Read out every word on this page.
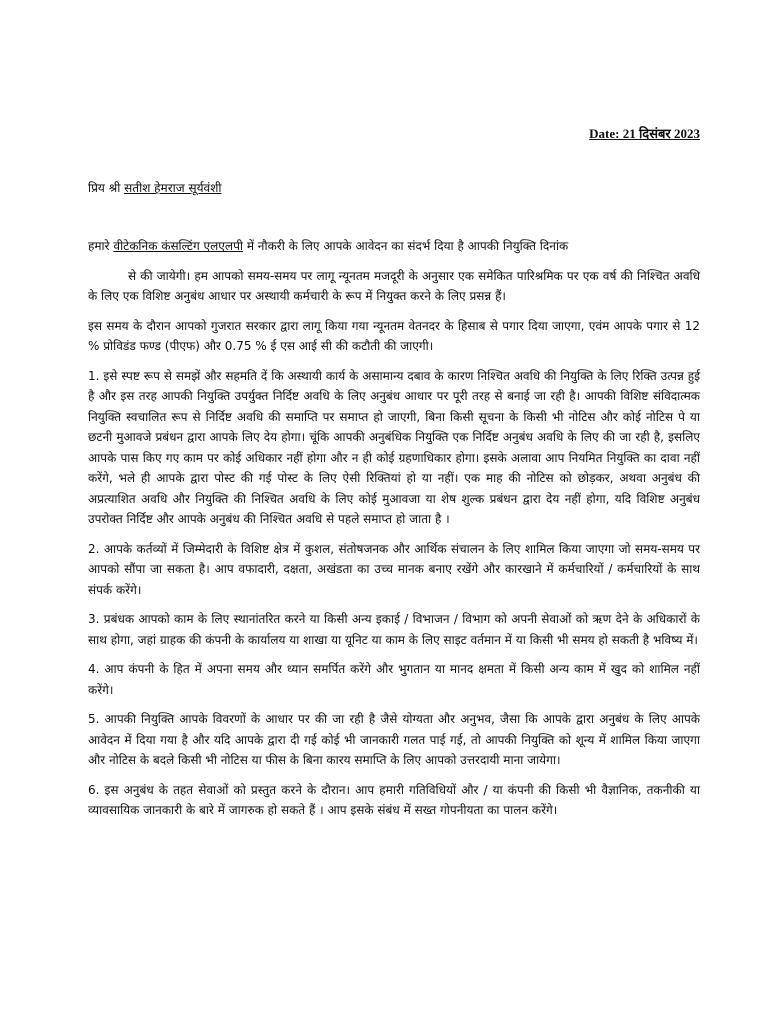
Date: 21 दिसंबर 2023
प्रिय श्री सतीश हेमराज सूर्यवंशी

हमारे वीटेकनिक कंसल्टिंग एलएलपी में नौकरी के लिए आपके आवेदन का संदर्भ दिया है आपकी नियुक्ति दिनांक

से की जायेगी। हम आपको समय-समय पर लागू न्यूनतम मजदूरी के अनुसार एक समेकित पारिश्रमिक पर एक वर्ष की निश्चित अवधि के लिए एक विशिष्ट अनुबंध आधार पर अस्थायी कर्मचारी के रूप में नियुक्त करने के लिए प्रसन्न हैं।

इस समय के दौरान आपको गुजरात सरकार द्वारा लागू किया गया न्यूनतम वेतनदर के हिसाब से पगार दिया जाएगा, एवंम आपके पगार से 12 % प्रोविडंड फण्ड (पीएफ) और 0.75 % ई एस आई सी की कटौती की जाएगी।

1. इसे स्पष्ट रूप से समझें और सहमति दें कि अस्थायी कार्य के असामान्य दबाव के कारण निश्चित अवधि की नियुक्ति के लिए रिक्ति उत्पन्न हुई है और इस तरह आपकी नियुक्ति उपर्युक्त निर्दिष्ट अवधि के लिए अनुबंध आधार पर पूरी तरह से बनाई जा रही है। आपकी विशिष्ट संविदात्मक नियुक्ति स्वचालित रूप से निर्दिष्ट अवधि की समाप्ति पर समाप्त हो जाएगी, बिना किसी सूचना के किसी भी नोटिस और कोई नोटिस पे या छटनी मुआवजे प्रबंधन द्वारा आपके लिए देय होगा। चूंकि आपकी अनुबंधिक नियुक्ति एक निर्दिष्ट अनुबंध अवधि के लिए की जा रही है, इसलिए आपके पास किए गए काम पर कोई अधिकार नहीं होगा और न ही कोई ग्रहणाधिकार होगा। इसके अलावा आप नियमित नियुक्ति का दावा नहीं करेंगे, भले ही आपके द्वारा पोस्ट की गई पोस्ट के लिए ऐसी रिक्तियां हो या नहीं। एक माह की नोटिस को छोड़कर, अथवा अनुबंध की अप्रत्याशित अवधि और नियुक्ति की निश्चित अवधि के लिए कोई मुआवजा या शेष शुल्क प्रबंधन द्वारा देय नहीं होगा, यदि विशिष्ट अनुबंध उपरोक्त निर्दिष्ट और आपके अनुबंध की निश्चित अवधि से पहले समाप्त हो जाता है ।

2. आपके कर्तव्यों में जिम्मेदारी के विशिष्ट क्षेत्र में कुशल, संतोषजनक और आर्थिक संचालन के लिए शामिल किया जाएगा जो समय-समय पर आपको सौंपा जा सकता है। आप वफादारी, दक्षता, अखंडता का उच्च मानक बनाए रखेंगे और कारखाने में कर्मचारियों / कर्मचारियों के साथ संपर्क करेंगे।

3. प्रबंधक आपको काम के लिए स्थानांतरित करने या किसी अन्य इकाई / विभाजन / विभाग को अपनी सेवाओं को ऋण देने के अधिकारों के साथ होगा, जहां ग्राहक की कंपनी के कार्यालय या शाखा या यूनिट या काम के लिए साइट वर्तमान में या किसी भी समय हो सकती है भविष्य में।

4. आप कंपनी के हित में अपना समय और ध्यान समर्पित करेंगे और भुगतान या मानद क्षमता में किसी अन्य काम में खुद को शामिल नहीं करेंगे।

5. आपकी नियुक्ति आपके विवरणों के आधार पर की जा रही है जैसे योग्यता और अनुभव, जैसा कि आपके द्वारा अनुबंध के लिए आपके आवेदन में दिया गया है और यदि आपके द्वारा दी गई कोई भी जानकारी गलत पाई गई, तो आपकी नियुक्ति को शून्य में शामिल किया जाएगा और नोटिस के बदले किसी भी नोटिस या फीस के बिना कारय समाप्ति के लिए आपको उत्तरदायी माना जायेगा।

6. इस अनुबंध के तहत सेवाओं को प्रस्तुत करने के दौरान। आप हमारी गतिविधियों और / या कंपनी की किसी भी वैज्ञानिक, तकनीकी या व्यावसायिक जानकारी के बारे में जागरुक हो सकते हैं । आप इसके संबंध में सख्त गोपनीयता का पालन करेंगे।
